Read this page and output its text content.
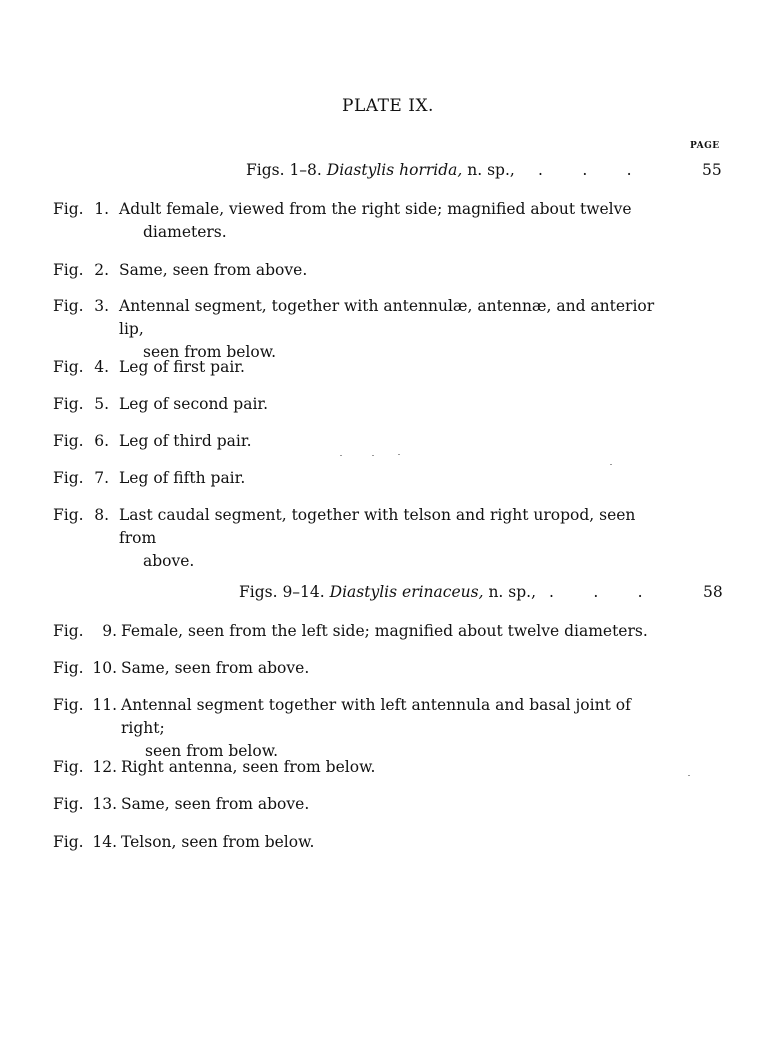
PLATE IX.
PAGE
Figs. 1–8. Diastylis horrida, n. sp., .        .        .	55
Fig. 1. Adult female, viewed from the right side; magnified about twelve
diameters.
Fig. 2. Same, seen from above.
Fig. 3. Antennal segment, together with antennulæ, antennæ, and anterior lip,
seen from below.
Fig. 4. Leg of first pair.
Fig. 5. Leg of second pair.
Fig. 6. Leg of third pair.
Fig. 7. Leg of fifth pair.
Fig. 8. Last caudal segment, together with telson and right uropod, seen from
above.
Figs. 9–14. Diastylis erinaceus, n. sp., .        .        .	58
Fig.	9. Female, seen from the left side; magnified about twelve diameters.
Fig. 10. Same, seen from above.
Fig. 11. Antennal segment together with left antennula and basal joint of right;
seen from below.
Fig. 12. Right antenna, seen from below.
Fig. 13. Same, seen from above.
Fig. 14. Telson, seen from below.
